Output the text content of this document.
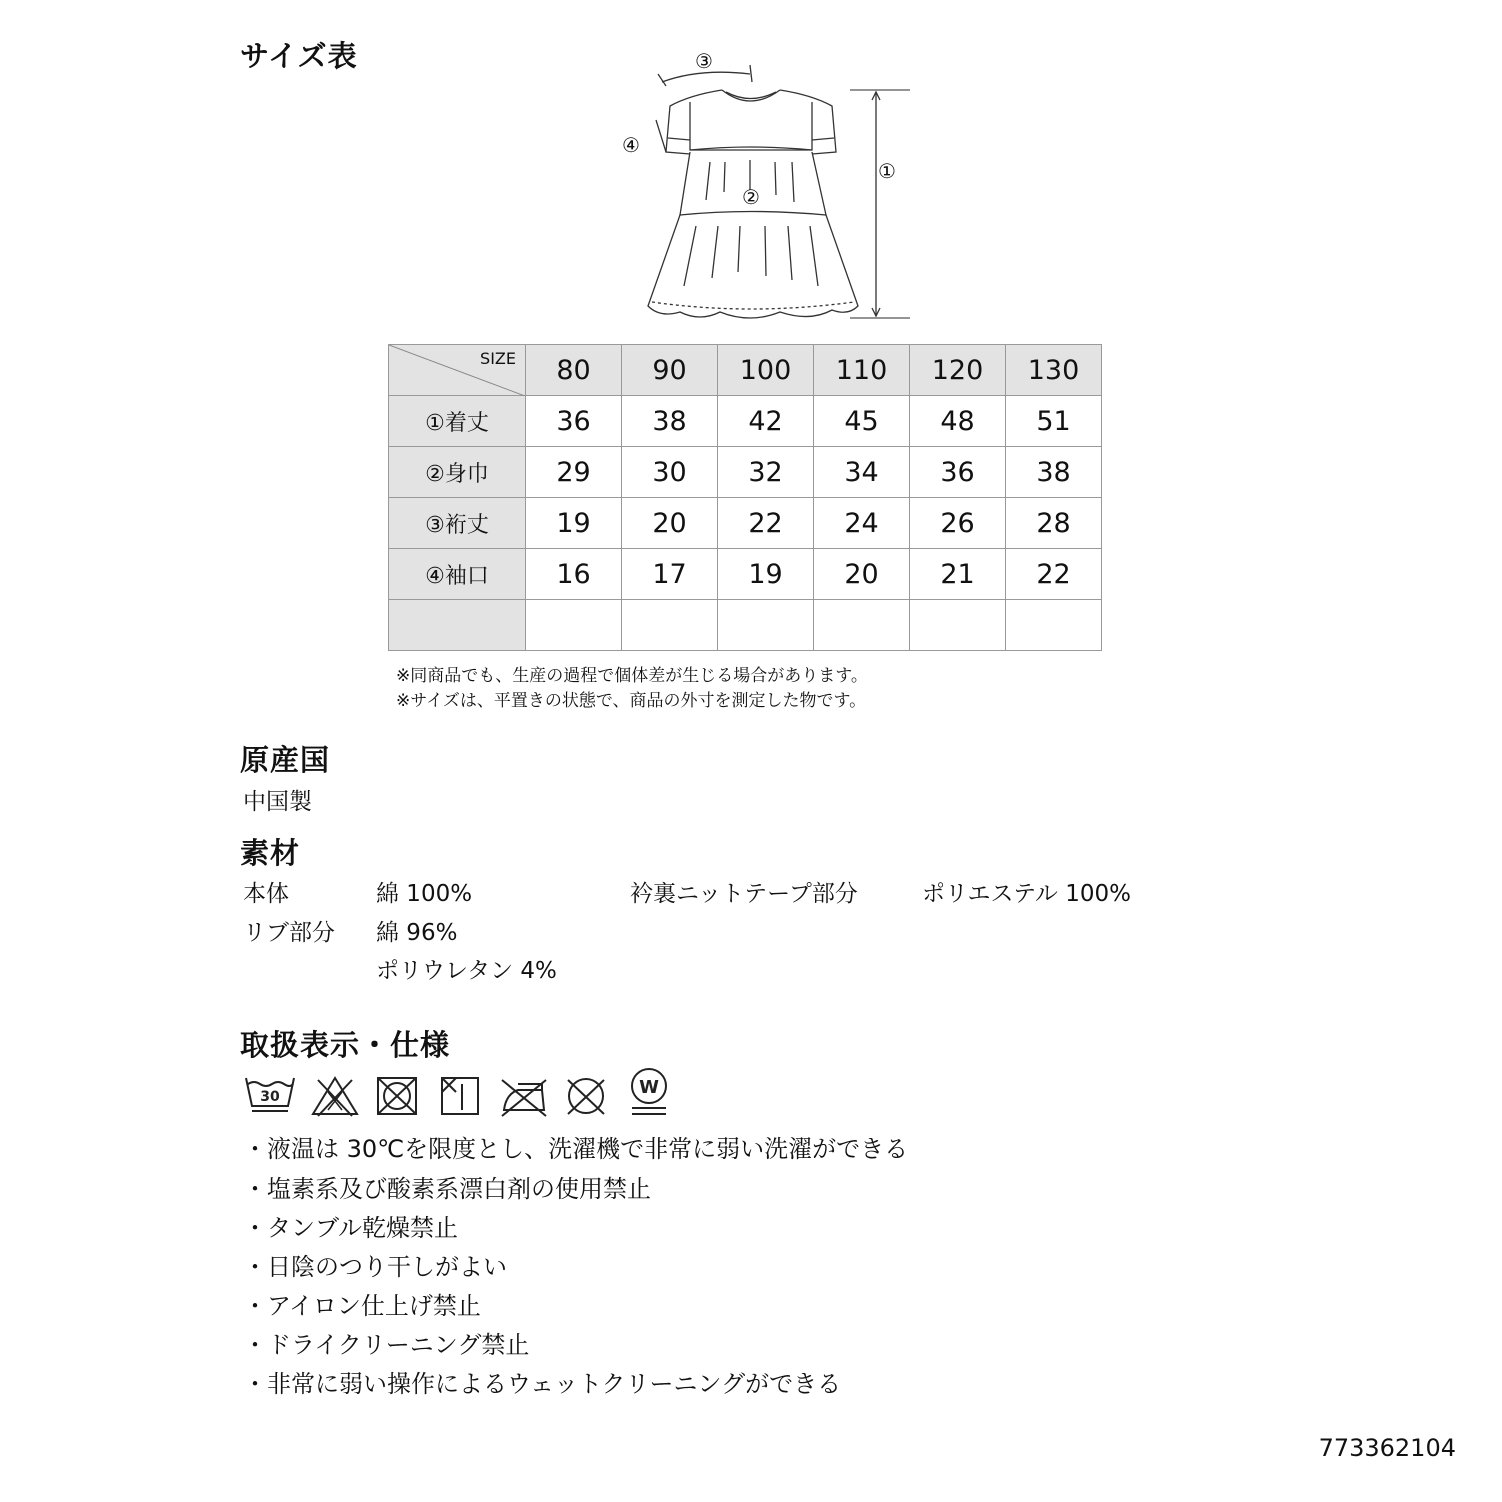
サイズ表	③
④
②
①
SIZE	80	90	100	110	120	130
①着丈	36	38	42	45	48	51
②身巾	29	30	32	34	36	38
③裄丈	19	20	22	24	26	28
④袖口	16	17	19	20	21	22

※同商品でも、生産の過程で個体差が生じる場合があります。
※サイズは、平置きの状態で、商品の外寸を測定した物です。
原産国
中国製
素材
本体	綿 100%	衿裏ニットテープ部分	ポリエステル 100%
リブ部分 綿 96%
ポリウレタン 4%
取扱表示・仕様
30	W
・液温は 30℃を限度とし、洗濯機で非常に弱い洗濯ができる
・塩素系及び酸素系漂白剤の使用禁止
・タンブル乾燥禁止
・日陰のつり干しがよい
・アイロン仕上げ禁止
・ドライクリーニング禁止
・非常に弱い操作によるウェットクリーニングができる
773362104
